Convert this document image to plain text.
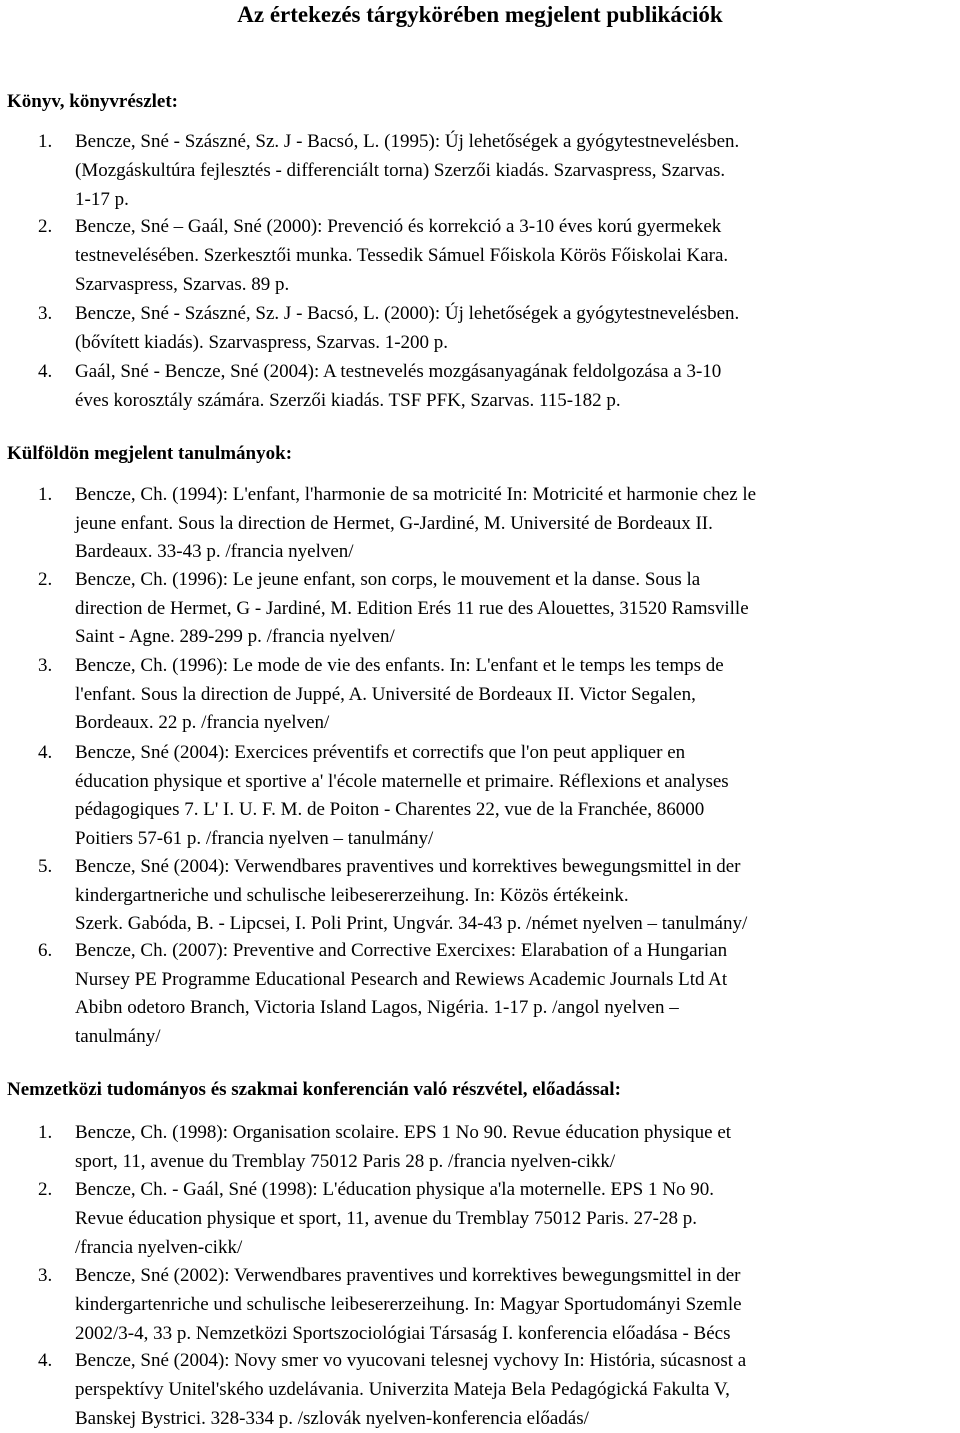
Az értekezés tárgykörében megjelent publikációk
Könyv, könyvrészlet:
1. Bencze, Sné - Szászné, Sz. J - Bacsó, L. (1995): Új lehetőségek a gyógytestnevelésben.
(Mozgáskultúra fejlesztés - differenciált torna) Szerzői kiadás. Szarvaspress, Szarvas.
1-17 p.
2. Bencze, Sné – Gaál, Sné (2000): Prevenció és korrekció a 3-10 éves korú gyermekek
testnevelésében. Szerkesztői munka. Tessedik Sámuel Főiskola Körös Főiskolai Kara.
Szarvaspress, Szarvas. 89 p.
3. Bencze, Sné - Szászné, Sz. J - Bacsó, L. (2000): Új lehetőségek a gyógytestnevelésben.
(bővített kiadás). Szarvaspress, Szarvas. 1-200 p.
4. Gaál, Sné - Bencze, Sné (2004): A testnevelés mozgásanyagának feldolgozása a 3-10
éves korosztály számára. Szerzői kiadás. TSF PFK, Szarvas. 115-182 p.
Külföldön megjelent tanulmányok:
1. Bencze, Ch. (1994): L'enfant, l'harmonie de sa motricité In: Motricité et harmonie chez le
jeune enfant. Sous la direction de Hermet, G-Jardiné, M. Université de Bordeaux II.
Bardeaux. 33-43 p. /francia nyelven/
2. Bencze, Ch. (1996): Le jeune enfant, son corps, le mouvement et la danse. Sous la
direction de Hermet, G - Jardiné, M. Edition Erés 11 rue des Alouettes, 31520 Ramsville
Saint - Agne. 289-299 p. /francia nyelven/
3. Bencze, Ch. (1996): Le mode de vie des enfants. In: L'enfant et le temps les temps de
l'enfant. Sous la direction de Juppé, A. Université de Bordeaux II. Victor Segalen,
Bordeaux. 22 p. /francia nyelven/
4. Bencze, Sné (2004): Exercices préventifs et correctifs que l'on peut appliquer en
éducation physique et sportive a' l'école maternelle et primaire. Réflexions et analyses
pédagogiques 7. L' I. U. F. M. de Poiton - Charentes 22, vue de la Franchée, 86000
Poitiers 57-61 p. /francia nyelven – tanulmány/
5. Bencze, Sné (2004): Verwendbares praventives und korrektives bewegungsmittel in der
kindergartneriche und schulische leibesererzeihung. In: Közös értékeink.
Szerk. Gabóda, B. - Lipcsei, I. Poli Print, Ungvár. 34-43 p. /német nyelven – tanulmány/
6. Bencze, Ch. (2007): Preventive and Corrective Exercixes: Elarabation of a Hungarian
Nursey PE Programme Educational Pesearch and Rewiews Academic Journals Ltd At
Abibn odetoro Branch, Victoria Island Lagos, Nigéria. 1-17 p. /angol nyelven –
tanulmány/
Nemzetközi tudományos és szakmai konferencián való részvétel, előadással:
1. Bencze, Ch. (1998): Organisation scolaire. EPS 1 No 90. Revue éducation physique et
sport, 11, avenue du Tremblay 75012 Paris 28 p. /francia nyelven-cikk/
2. Bencze, Ch. - Gaál, Sné (1998): L'éducation physique a'la moternelle. EPS 1 No 90.
Revue éducation physique et sport, 11, avenue du Tremblay 75012 Paris. 27-28 p.
/francia nyelven-cikk/
3. Bencze, Sné (2002): Verwendbares praventives und korrektives bewegungsmittel in der
kindergartenriche und schulische leibesererzeihung. In: Magyar Sportudományi Szemle
2002/3-4, 33 p. Nemzetközi Sportszociológiai Társaság I. konferencia előadása - Bécs
4. Bencze, Sné (2004): Novy smer vo vyucovani telesnej vychovy In: História, súcasnost a
perspektívy Unitel'ského uzdelávania. Univerzita Mateja Bela Pedagógická Fakulta V,
Banskej Bystrici. 328-334 p. /szlovák nyelven-konferencia előadás/
